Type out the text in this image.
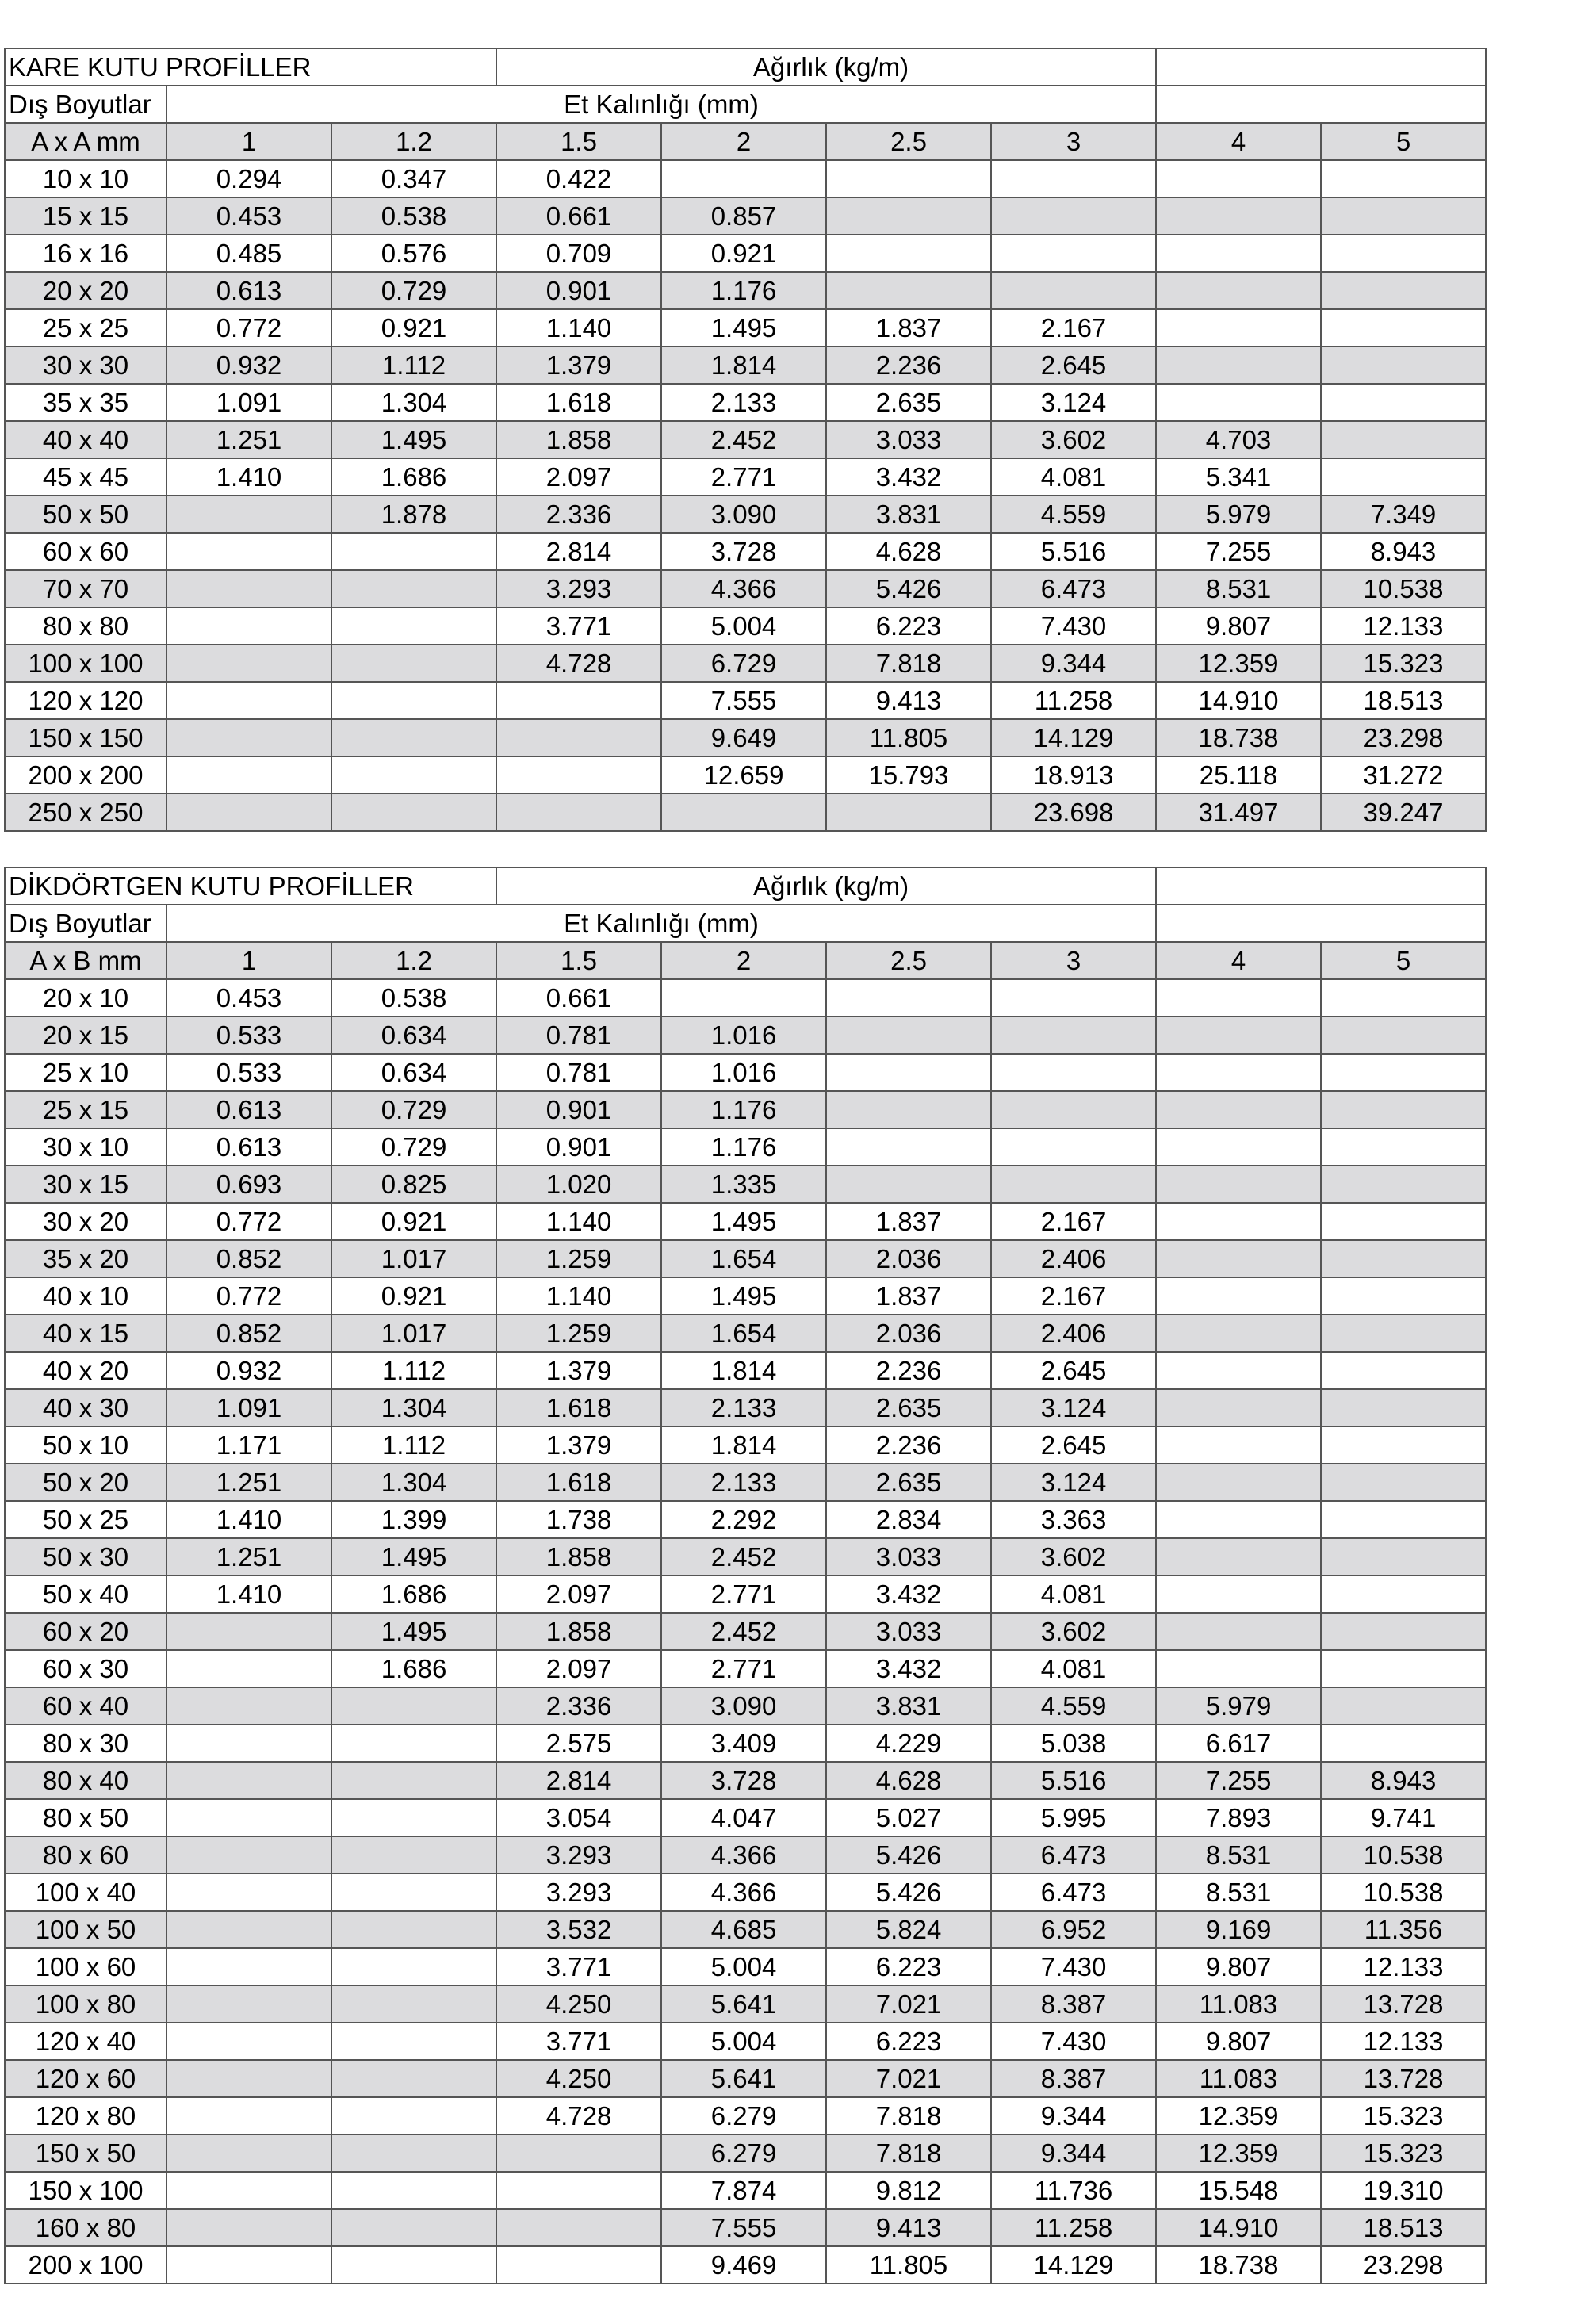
KARE KUTU PROFİLLER			Ağırlık (kg/m)					
Dış Boyutlar	Et Kalınlığı (mm)							
A x A mm	1	1.2	1.5	2	2.5	3	4	5
10 x 10	0.294	0.347	0.422					
15 x 15	0.453	0.538	0.661	0.857				
16 x 16	0.485	0.576	0.709	0.921				
20 x 20	0.613	0.729	0.901	1.176				
25 x 25	0.772	0.921	1.140	1.495	1.837	2.167		
30 x 30	0.932	1.112	1.379	1.814	2.236	2.645		
35 x 35	1.091	1.304	1.618	2.133	2.635	3.124		
40 x 40	1.251	1.495	1.858	2.452	3.033	3.602	4.703	
45 x 45	1.410	1.686	2.097	2.771	3.432	4.081	5.341	
50 x 50		1.878	2.336	3.090	3.831	4.559	5.979	7.349
60 x 60			2.814	3.728	4.628	5.516	7.255	8.943
70 x 70			3.293	4.366	5.426	6.473	8.531	10.538
80 x 80			3.771	5.004	6.223	7.430	9.807	12.133
100 x 100			4.728	6.729	7.818	9.344	12.359	15.323
120 x 120				7.555	9.413	11.258	14.910	18.513
150 x 150				9.649	11.805	14.129	18.738	23.298
200 x 200				12.659	15.793	18.913	25.118	31.272
250 x 250						23.698	31.497	39.247
DİKDÖRTGEN KUTU PROFİLLER			Ağırlık (kg/m)					
Dış Boyutlar	Et Kalınlığı (mm)							
A x B mm	1	1.2	1.5	2	2.5	3	4	5
20 x 10	0.453	0.538	0.661					
20 x 15	0.533	0.634	0.781	1.016				
25 x 10	0.533	0.634	0.781	1.016				
25 x 15	0.613	0.729	0.901	1.176				
30 x 10	0.613	0.729	0.901	1.176				
30 x 15	0.693	0.825	1.020	1.335				
30 x 20	0.772	0.921	1.140	1.495	1.837	2.167		
35 x 20	0.852	1.017	1.259	1.654	2.036	2.406		
40 x 10	0.772	0.921	1.140	1.495	1.837	2.167		
40 x 15	0.852	1.017	1.259	1.654	2.036	2.406		
40 x 20	0.932	1.112	1.379	1.814	2.236	2.645		
40 x 30	1.091	1.304	1.618	2.133	2.635	3.124		
50 x 10	1.171	1.112	1.379	1.814	2.236	2.645		
50 x 20	1.251	1.304	1.618	2.133	2.635	3.124		
50 x 25	1.410	1.399	1.738	2.292	2.834	3.363		
50 x 30	1.251	1.495	1.858	2.452	3.033	3.602		
50 x 40	1.410	1.686	2.097	2.771	3.432	4.081		
60 x 20		1.495	1.858	2.452	3.033	3.602		
60 x 30		1.686	2.097	2.771	3.432	4.081		
60 x 40			2.336	3.090	3.831	4.559	5.979	
80 x 30			2.575	3.409	4.229	5.038	6.617	
80 x 40			2.814	3.728	4.628	5.516	7.255	8.943
80 x 50			3.054	4.047	5.027	5.995	7.893	9.741
80 x 60			3.293	4.366	5.426	6.473	8.531	10.538
100 x 40			3.293	4.366	5.426	6.473	8.531	10.538
100 x 50			3.532	4.685	5.824	6.952	9.169	11.356
100 x 60			3.771	5.004	6.223	7.430	9.807	12.133
100 x 80			4.250	5.641	7.021	8.387	11.083	13.728
120 x 40			3.771	5.004	6.223	7.430	9.807	12.133
120 x 60			4.250	5.641	7.021	8.387	11.083	13.728
120 x 80			4.728	6.279	7.818	9.344	12.359	15.323
150 x 50				6.279	7.818	9.344	12.359	15.323
150 x 100				7.874	9.812	11.736	15.548	19.310
160 x 80				7.555	9.413	11.258	14.910	18.513
200 x 100				9.469	11.805	14.129	18.738	23.298
